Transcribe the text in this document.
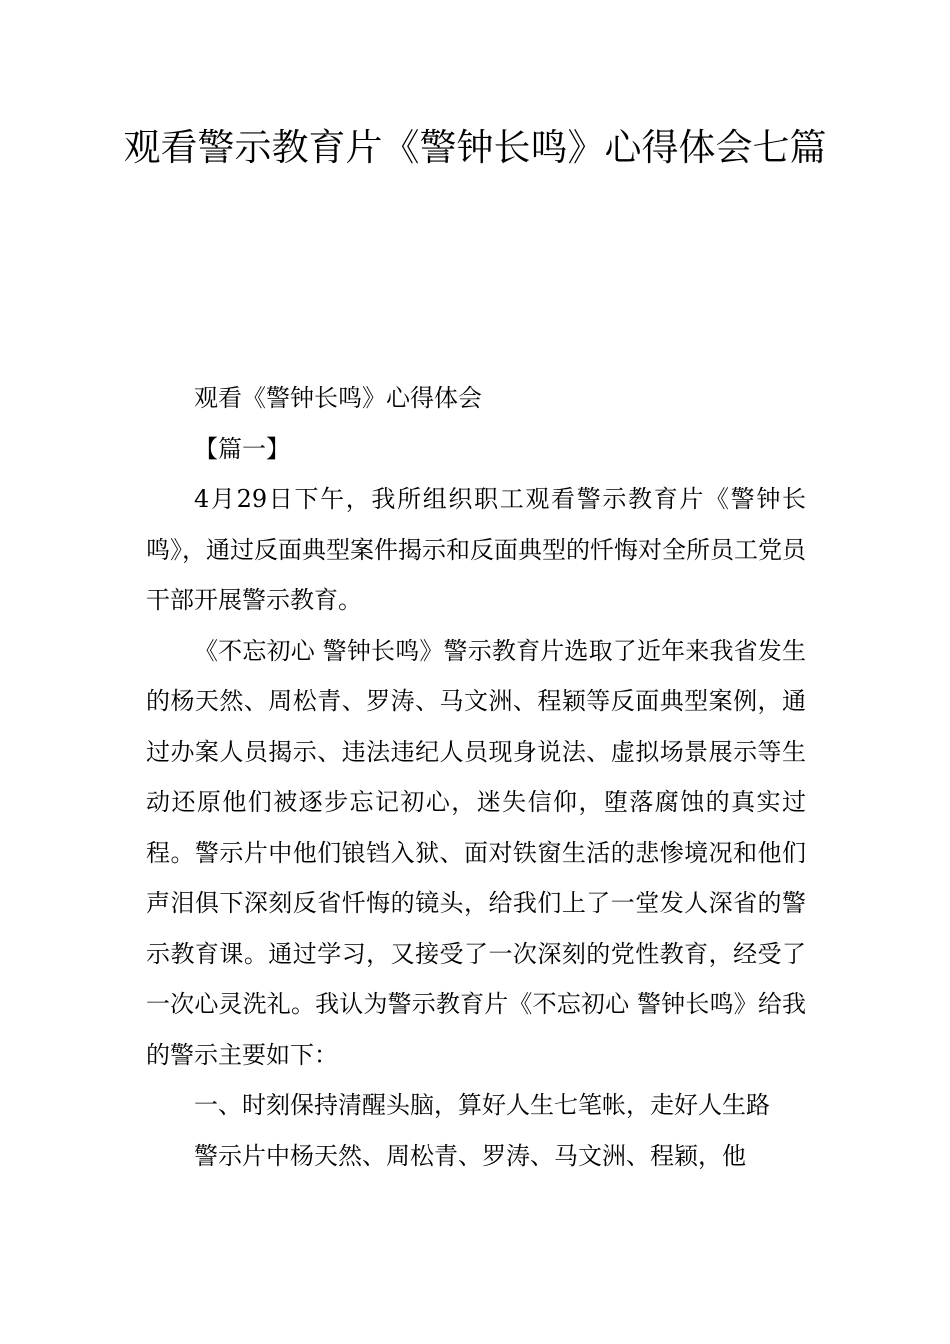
观看警示教育片《警钟长鸣》心得体会七篇

观看《警钟长鸣》心得体会

【篇一】

4月29日下午，我所组织职工观看警示教育片《警钟长鸣》，通过反面典型案件揭示和反面典型的忏悔对全所员工党员干部开展警示教育。

《不忘初心 警钟长鸣》警示教育片选取了近年来我省发生的杨天然、周松青、罗涛、马文洲、程颖等反面典型案例，通过办案人员揭示、违法违纪人员现身说法、虚拟场景展示等生动还原他们被逐步忘记初心，迷失信仰，堕落腐蚀的真实过程。警示片中他们锒铛入狱、面对铁窗生活的悲惨境况和他们声泪俱下深刻反省忏悔的镜头，给我们上了一堂发人深省的警示教育课。通过学习，又接受了一次深刻的党性教育，经受了一次心灵洗礼。我认为警示教育片《不忘初心 警钟长鸣》给我的警示主要如下：

一、时刻保持清醒头脑，算好人生七笔帐，走好人生路

警示片中杨天然、周松青、罗涛、马文洲、程颖，他
